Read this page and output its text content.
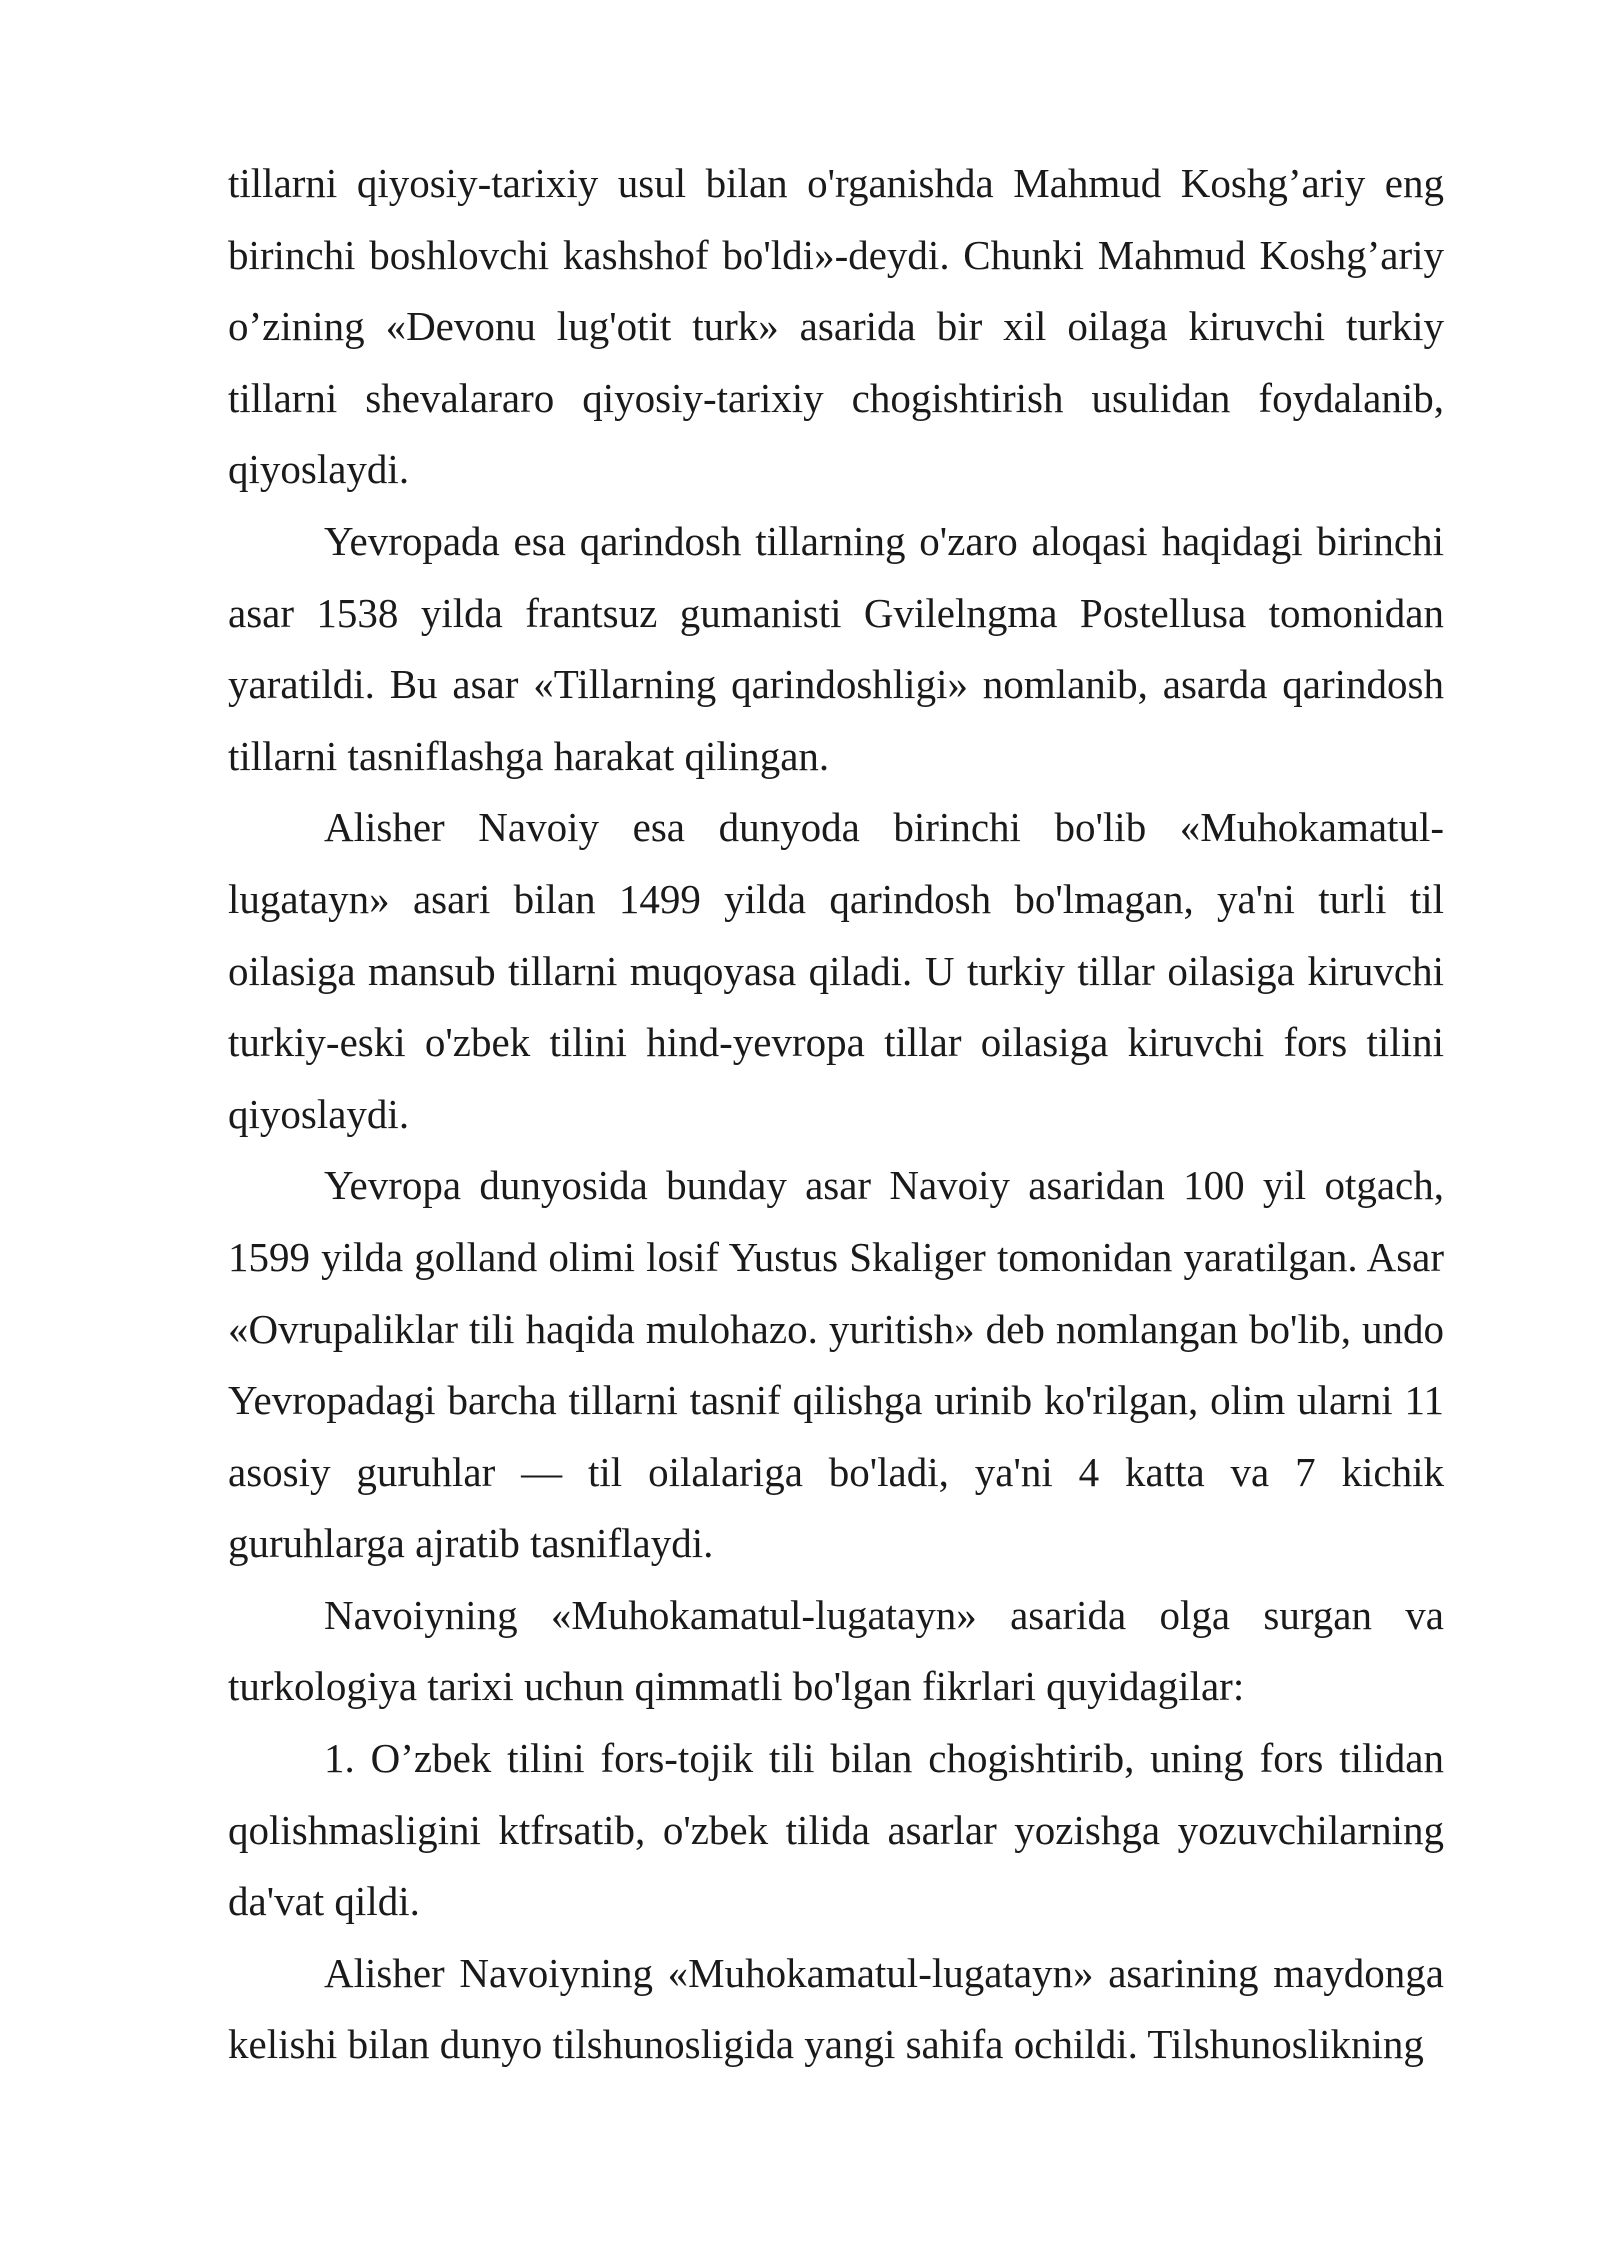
tillarni qiyosiy-tarixiy usul bilan o'rganishda Mahmud Koshg’ariy eng birinchi boshlovchi kashshof bo'ldi»-deydi. Chunki Mahmud Koshg’ariy o’zining «Devonu lug'otit turk» asarida bir xil oilaga kiruvchi turkiy tillarni shevalararo qiyosiy-tarixiy chogishtirish usulidan foydalanib, qiyoslaydi.

Yevropada esa qarindosh tillarning o'zaro aloqasi haqidagi birinchi asar 1538 yilda frantsuz gumanisti Gvilelngma Postellusa tomonidan yaratildi. Bu asar «Tillarning qarindoshligi» nomlanib, asarda qarindosh tillarni tasniflashga harakat qilingan.

Alisher Navoiy esa dunyoda birinchi bo'lib «Muhokamatul-lugatayn» asari bilan 1499 yilda qarindosh bo'lmagan, ya'ni turli til oilasiga mansub tillarni muqoyasa qiladi. U turkiy tillar oilasiga kiruvchi turkiy-eski o'zbek tilini hind-yevropa tillar oilasiga kiruvchi fors tilini qiyoslaydi.

Yevropa dunyosida bunday asar Navoiy asaridan 100 yil otgach, 1599 yilda golland olimi losif Yustus Skaliger tomonidan yaratilgan. Asar «Ovrupaliklar tili haqida mulohazo. yuritish» deb nomlangan bo'lib, undo Yevropadagi barcha tillarni tasnif qilishga urinib ko'rilgan, olim ularni 11 asosiy guruhlar — til oilalariga bo'ladi, ya'ni 4 katta va 7 kichik guruhlarga ajratib tasniflaydi.

Navoiyning «Muhokamatul-lugatayn» asarida olga surgan va turkologiya tarixi uchun qimmatli bo'lgan fikrlari quyidagilar:

1. O’zbek tilini fors-tojik tili bilan chogishtirib, uning fors tilidan qolishmasligini ktfrsatib, o'zbek tilida asarlar yozishga yozuvchilarning da'vat qildi.

Alisher Navoiyning «Muhokamatul-lugatayn» asarining maydonga kelishi bilan dunyo tilshunosligida yangi sahifa ochildi. Tilshunoslikning
